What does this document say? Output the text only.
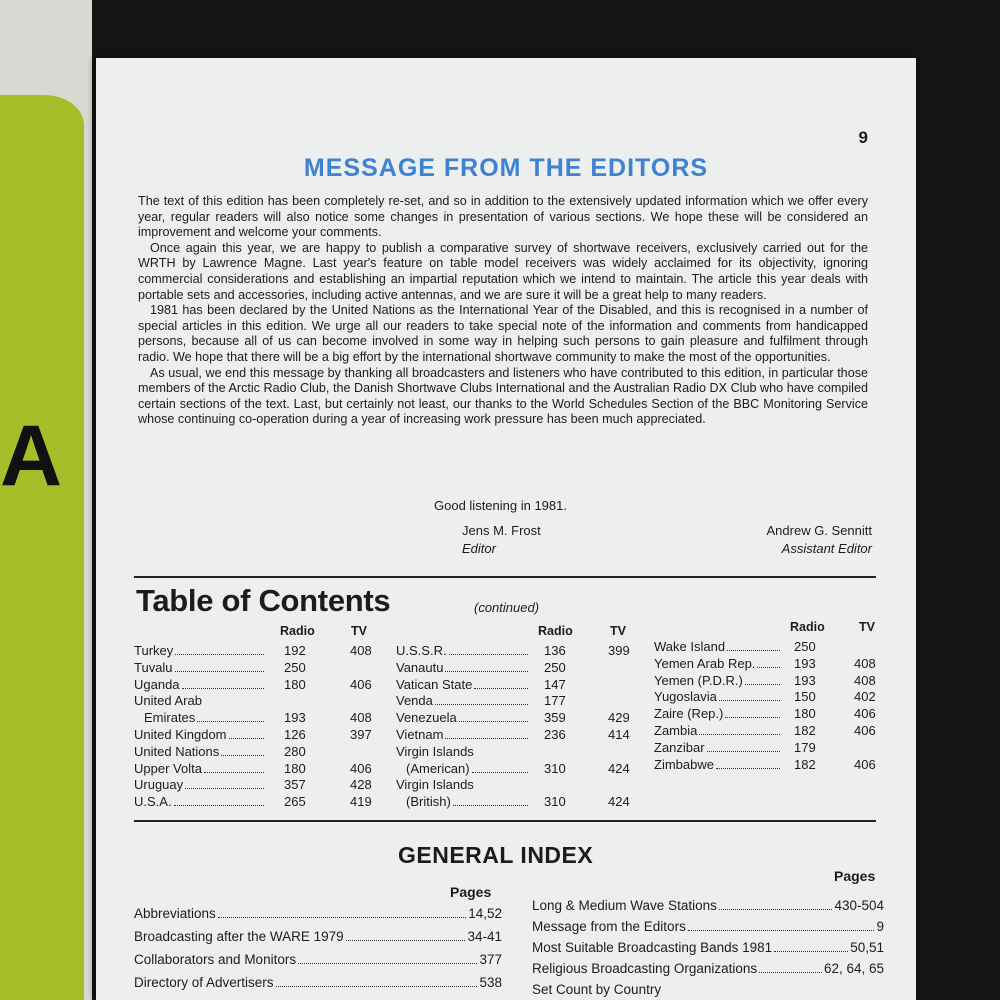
A
9
MESSAGE FROM THE EDITORS

The text of this edition has been completely re-set, and so in addition to the extensively updated information which we offer every year, regular readers will also notice some changes in presentation of various sections. We hope these will be considered an improvement and welcome your comments.

Once again this year, we are happy to publish a comparative survey of shortwave receivers, exclusively carried out for the WRTH by Lawrence Magne. Last year's feature on table model receivers was widely acclaimed for its objectivity, ignoring commercial considerations and establishing an impartial reputation which we intend to maintain. The article this year deals with portable sets and accessories, including active antennas, and we are sure it will be a great help to many readers.

1981 has been declared by the United Nations as the International Year of the Disabled, and this is recognised in a number of special articles in this edition. We urge all our readers to take special note of the information and comments from handicapped persons, because all of us can become involved in some way in helping such persons to gain pleasure and fulfilment through radio. We hope that there will be a big effort by the international shortwave community to make the most of the opportunities.

As usual, we end this message by thanking all broadcasters and listeners who have contributed to this edition, in particular those members of the Arctic Radio Club, the Danish Shortwave Clubs International and the Australian Radio DX Club who have compiled certain sections of the text. Last, but certainly not least, our thanks to the World Schedules Section of the BBC Monitoring Service whose continuing co-operation during a year of increasing work pressure has been much appreciated.

Good listening in 1981.
Jens M. Frost
Editor
Andrew G. Sennitt
Assistant Editor
Table of Contents	(continued)
Radio	TV
Turkey	192	408
Tuvalu	250
Uganda	180	406
United Arab
Emirates	193	408
United Kingdom	126	397
United Nations	280
Upper Volta	180	406
Uruguay	357	428
U.S.A.	265	419
Radio	TV
U.S.S.R.	136	399
Vanautu	250
Vatican State	147
Venda	177
Venezuela	359	429
Vietnam	236	414
Virgin Islands
(American)	310	424
Virgin Islands
(British)	310	424
Radio	TV
Wake Island	250
Yemen Arab Rep.	193	408
Yemen (P.D.R.)	193	408
Yugoslavia	150	402
Zaire (Rep.)	180	406
Zambia	182	406
Zanzibar	179
Zimbabwe	182	406
GENERAL INDEX
Pages
Pages
Abbreviations	14,52
Broadcasting after the WARE 1979	34-41
Collaborators and Monitors	377
Directory of Advertisers	538
Long & Medium Wave Stations	430-504
Message from the Editors	9
Most Suitable Broadcasting Bands 1981	50,51
Religious Broadcasting Organizations	62, 64, 65
Set Count by Country
